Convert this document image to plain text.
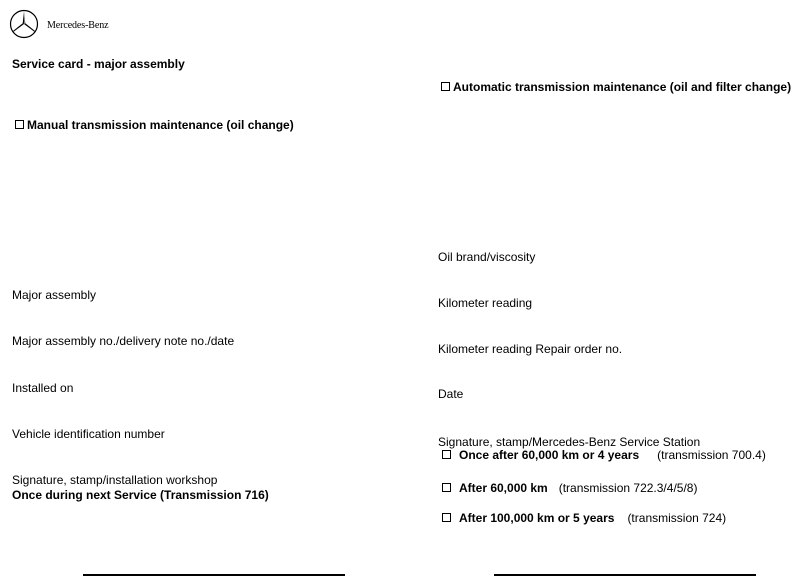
Mercedes-Benz
Service card - major assembly
Automatic transmission maintenance (oil and filter change)
Manual transmission maintenance (oil change)
Major assembly
Major assembly no./delivery note no./date
Installed on
Vehicle identification number
Signature, stamp/installation workshop
Once during next Service (Transmission 716)
Oil brand/viscosity
Kilometer reading
Kilometer reading Repair order no.
Date
Signature, stamp/Mercedes-Benz Service Station
Once after 60,000 km or 4 years (transmission 700.4)
After 60,000 km (transmission 722.3/4/5/8)
After 100,000 km or 5 years (transmission 724)
